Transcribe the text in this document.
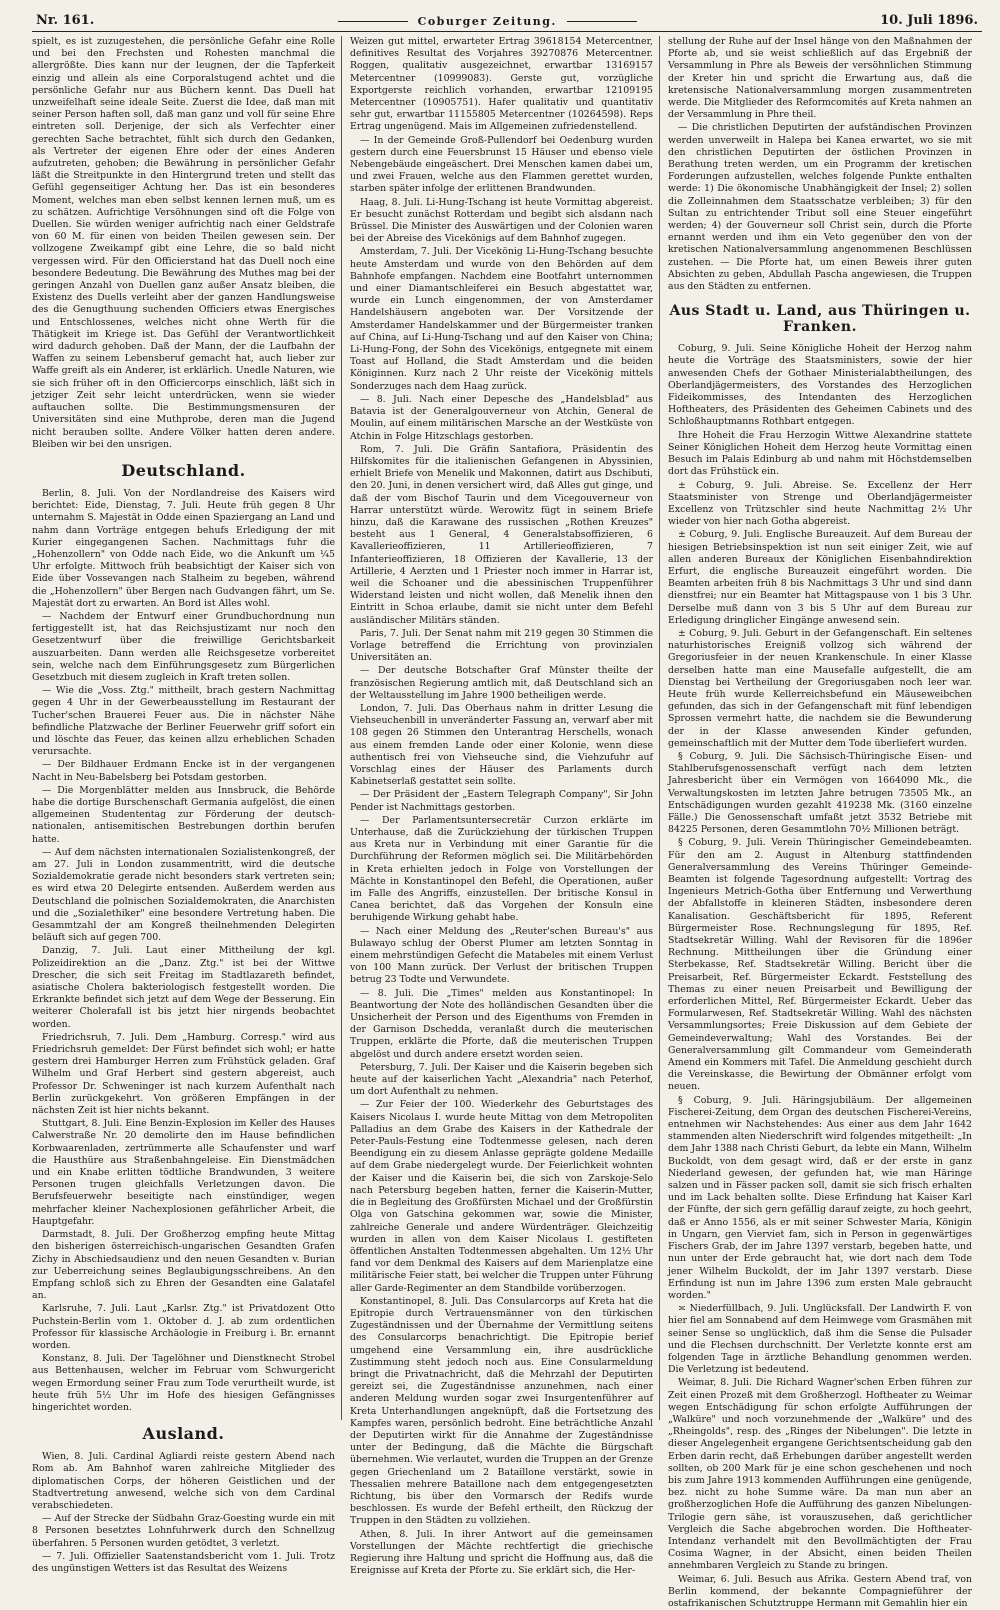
Nr. 161.	Coburger Zeitung.	10. Juli 1896.

spielt, es ist zuzugestehen, die persönliche Gefahr eine Rolle und bei den Frechsten und Rohesten manchmal die allergrößte. Dies kann nur der leugnen, der die Tapferkeit einzig und allein als eine Corporalstugend achtet und die persönliche Gefahr nur aus Büchern kennt. Das Duell hat unzweifelhaft seine ideale Seite. Zuerst die Idee, daß man mit seiner Person haften soll, daß man ganz und voll für seine Ehre eintreten soll. Derjenige, der sich als Verfechter einer gerechten Sache betrachtet, fühlt sich durch den Gedanken, als Vertreter der eigenen Ehre oder der eines Anderen aufzutreten, gehoben; die Bewährung in persönlicher Gefahr läßt die Streitpunkte in den Hintergrund treten und stellt das Gefühl gegenseitiger Achtung her. Das ist ein besonderes Moment, welches man eben selbst kennen lernen muß, um es zu schätzen. Aufrichtige Versöhnungen sind oft die Folge von Duellen. Sie würden weniger aufrichtig nach einer Geldstrafe von 60 M. für einen von beiden Theilen gewesen sein. Der vollzogene Zweikampf gibt eine Lehre, die so bald nicht vergessen wird. Für den Officierstand hat das Duell noch eine besondere Bedeutung. Die Bewährung des Muthes mag bei der geringen Anzahl von Duellen ganz außer Ansatz bleiben, die Existenz des Duells verleiht aber der ganzen Handlungsweise des die Genugthuung suchenden Officiers etwas Energisches und Entschlossenes, welches nicht ohne Werth für die Thätigkeit im Kriege ist. Das Gefühl der Verantwortlichkeit wird dadurch gehoben. Daß der Mann, der die Laufbahn der Waffen zu seinem Lebensberuf gemacht hat, auch lieber zur Waffe greift als ein Anderer, ist erklärlich. Unedle Naturen, wie sie sich früher oft in den Officiercorps einschlich, läßt sich in jetziger Zeit sehr leicht unterdrücken, wenn sie wieder auftauchen sollte. Die Bestimmungsmensuren der Universitäten sind eine Muthprobe, deren man die Jugend nicht berauben sollte. Andere Völker hatten deren andere. Bleiben wir bei den unsrigen.

Deutschland.

Berlin, 8. Juli. Von der Nordlandreise des Kaisers wird berichtet: Eide, Dienstag, 7. Juli. Heute früh gegen 8 Uhr unternahm S. Majestät in Odde einen Spaziergang an Land und nahm dann Vorträge entgegen behufs Erledigung der mit Kurier eingegangenen Sachen. Nachmittags fuhr die „Hohenzollern" von Odde nach Eide, wo die Ankunft um ¼5 Uhr erfolgte. Mittwoch früh beabsichtigt der Kaiser sich von Eide über Vossevangen nach Stalheim zu begeben, während die „Hohenzollern" über Bergen nach Gudvangen fährt, um Se. Majestät dort zu erwarten. An Bord ist Alles wohl.

— Nachdem der Entwurf einer Grundbuchordnung nun fertiggestellt ist, hat das Reichsjustizamt nur noch den Gesetzentwurf über die freiwillige Gerichtsbarkeit auszuarbeiten. Dann werden alle Reichsgesetze vorbereitet sein, welche nach dem Einführungsgesetz zum Bürgerlichen Gesetzbuch mit diesem zugleich in Kraft treten sollen.

— Wie die „Voss. Ztg." mittheilt, brach gestern Nachmittag gegen 4 Uhr in der Gewerbeausstellung im Restaurant der Tucher'schen Brauerei Feuer aus. Die in nächster Nähe befindliche Platzwache der Berliner Feuerwehr griff sofort ein und löschte das Feuer, das keinen allzu erheblichen Schaden verursachte.

— Der Bildhauer Erdmann Encke ist in der vergangenen Nacht in Neu-Babelsberg bei Potsdam gestorben.

— Die Morgenblätter melden aus Innsbruck, die Behörde habe die dortige Burschenschaft Germania aufgelöst, die einen allgemeinen Studententag zur Förderung der deutsch-nationalen, antisemitischen Bestrebungen dorthin berufen hatte.

— Auf dem nächsten internationalen Sozialistenkongreß, der am 27. Juli in London zusammentritt, wird die deutsche Sozialdemokratie gerade nicht besonders stark vertreten sein; es wird etwa 20 Delegirte entsenden. Außerdem werden aus Deutschland die polnischen Sozialdemokraten, die Anarchisten und die „Sozialethiker" eine besondere Vertretung haben. Die Gesammtzahl der am Kongreß theilnehmenden Delegirten beläuft sich auf gegen 700.

Danzig, 7. Juli. Laut einer Mittheilung der kgl. Polizeidirektion an die „Danz. Ztg." ist bei der Wittwe Drescher, die sich seit Freitag im Stadtlazareth befindet, asiatische Cholera bakteriologisch festgestellt worden. Die Erkrankte befindet sich jetzt auf dem Wege der Besserung. Ein weiterer Cholerafall ist bis jetzt hier nirgends beobachtet worden.

Friedrichsruh, 7. Juli. Dem „Hamburg. Corresp." wird aus Friedrichsruh gemeldet: Der Fürst befindet sich wohl; er hatte gestern drei Hamburger Herren zum Frühstück geladen. Graf Wilhelm und Graf Herbert sind gestern abgereist, auch Professor Dr. Schweninger ist nach kurzem Aufenthalt nach Berlin zurückgekehrt. Von größeren Empfängen in der nächsten Zeit ist hier nichts bekannt.

Stuttgart, 8. Juli. Eine Benzin-Explosion im Keller des Hauses Calwerstraße Nr. 20 demolirte den im Hause befindlichen Korbwaarenladen, zertrümmerte alle Schaufenster und warf die Hausthüre aus Straßenbahngeleise. Ein Dienstmädchen und ein Knabe erlitten tödtliche Brandwunden, 3 weitere Personen trugen gleichfalls Verletzungen davon. Die Berufsfeuerwehr beseitigte nach einstündiger, wegen mehrfacher kleiner Nachexplosionen gefährlicher Arbeit, die Hauptgefahr.

Darmstadt, 8. Juli. Der Großherzog empfing heute Mittag den bisherigen österreichisch-ungarischen Gesandten Grafen Zichy in Abschiedsaudienz und den neuen Gesandten v. Burian zur Ueberreichung seines Beglaubigungsschreibens. An den Empfang schloß sich zu Ehren der Gesandten eine Galatafel an.

Karlsruhe, 7. Juli. Laut „Karlsr. Ztg." ist Privatdozent Otto Puchstein-Berlin vom 1. Oktober d. J. ab zum ordentlichen Professor für klassische Archäologie in Freiburg i. Br. ernannt worden.

Konstanz, 8. Juli. Der Tagelöhner und Dienstknecht Strobel aus Bettenhausen, welcher im Februar vom Schwurgericht wegen Ermordung seiner Frau zum Tode verurtheilt wurde, ist heute früh 5½ Uhr im Hofe des hiesigen Gefängnisses hingerichtet worden.

Ausland.

Wien, 8. Juli. Cardinal Agliardi reiste gestern Abend nach Rom ab. Am Bahnhof waren zahlreiche Mitglieder des diplomatischen Corps, der höheren Geistlichen und der Stadtvertretung anwesend, welche sich von dem Cardinal verabschiedeten.

— Auf der Strecke der Südbahn Graz-Goesting wurde ein mit 8 Personen besetztes Lohnfuhrwerk durch den Schnellzug überfahren. 5 Personen wurden getödtet, 3 verletzt.

— 7. Juli. Offizieller Saatenstandsbericht vom 1. Juli. Trotz des ungünstigen Wetters ist das Resultat des Weizens

Weizen gut mittel, erwarteter Ertrag 39618154 Metercentner, definitives Resultat des Vorjahres 39270876 Metercentner. Roggen, qualitativ ausgezeichnet, erwartbar 13169157 Metercentner (10999083). Gerste gut, vorzügliche Exportgerste reichlich vorhanden, erwartbar 12109195 Metercentner (10905751). Hafer qualitativ und quantitativ sehr gut, erwartbar 11155805 Metercentner (10264598). Reps Ertrag ungenügend. Mais im Allgemeinen zufriedenstellend.

— In der Gemeinde Groß-Pullendorf bei Oedenburg wurden gestern durch eine Feuersbrunst 15 Häuser und ebenso viele Nebengebäude eingeäschert. Drei Menschen kamen dabei um, und zwei Frauen, welche aus den Flammen gerettet wurden, starben später infolge der erlittenen Brandwunden.

Haag, 8. Juli. Li-Hung-Tschang ist heute Vormittag abgereist. Er besucht zunächst Rotterdam und begibt sich alsdann nach Brüssel. Die Minister des Auswärtigen und der Colonien waren bei der Abreise des Vicekönigs auf dem Bahnhof zugegen.

Amsterdam, 7. Juli. Der Vicekönig Li-Hung-Tschang besuchte heute Amsterdam und wurde von den Behörden auf dem Bahnhofe empfangen. Nachdem eine Bootfahrt unternommen und einer Diamantschleiferei ein Besuch abgestattet war, wurde ein Lunch eingenommen, der von Amsterdamer Handelshäusern angeboten war. Der Vorsitzende der Amsterdamer Handelskammer und der Bürgermeister tranken auf China, auf Li-Hung-Tschang und auf den Kaiser von China; Li-Hung-Fong, der Sohn des Vicekönigs, entgegnete mit einem Toast auf Holland, die Stadt Amsterdam und die beiden Königinnen. Kurz nach 2 Uhr reiste der Vicekönig mittels Sonderzuges nach dem Haag zurück.

— 8. Juli. Nach einer Depesche des „Handelsblad" aus Batavia ist der Generalgouverneur von Atchin, General de Moulin, auf einem militärischen Marsche an der Westküste von Atchin in Folge Hitzschlags gestorben.

Rom, 7. Juli. Die Gräfin Santafiora, Präsidentin des Hilfskomites für die italienischen Gefangenen in Abyssinien, erhielt Briefe von Menelik und Makonnen, datirt aus Dschibuti, den 20. Juni, in denen versichert wird, daß Alles gut ginge, und daß der vom Bischof Taurin und dem Vicegouverneur von Harrar unterstützt würde. Werowitz fügt in seinem Briefe hinzu, daß die Karawane des russischen „Rothen Kreuzes" besteht aus 1 General, 4 Generalstabsoffizieren, 6 Kavallerieoffizieren, 11 Artillerieoffizieren, 7 Infanterieoffizieren, 18 Offizieren der Kavallerie, 13 der Artillerie, 4 Aerzten und 1 Priester noch immer in Harrar ist, weil die Schoaner und die abessinischen Truppenführer Widerstand leisten und nicht wollen, daß Menelik ihnen den Eintritt in Schoa erlaube, damit sie nicht unter dem Befehl ausländischer Militärs ständen.

Paris, 7. Juli. Der Senat nahm mit 219 gegen 30 Stimmen die Vorlage betreffend die Errichtung von provinzialen Universitäten an.

— Der deutsche Botschafter Graf Münster theilte der französischen Regierung amtlich mit, daß Deutschland sich an der Weltausstellung im Jahre 1900 betheiligen werde.

London, 7. Juli. Das Oberhaus nahm in dritter Lesung die Viehseuchenbill in unveränderter Fassung an, verwarf aber mit 108 gegen 26 Stimmen den Unterantrag Herschells, wonach aus einem fremden Lande oder einer Kolonie, wenn diese authentisch frei von Viehseuche sind, die Viehzufuhr auf Vorschlag eines der Häuser des Parlaments durch Kabinetserlaß gestattet sein sollte.

— Der Präsident der „Eastern Telegraph Company", Sir John Pender ist Nachmittags gestorben.

— Der Parlamentsuntersecretär Curzon erklärte im Unterhause, daß die Zurückziehung der türkischen Truppen aus Kreta nur in Verbindung mit einer Garantie für die Durchführung der Reformen möglich sei. Die Militärbehörden in Kreta erhielten jedoch in Folge von Vorstellungen der Mächte in Konstantinopel den Befehl, die Operationen, außer im Falle des Angriffs, einzustellen. Der britische Konsul in Canea berichtet, daß das Vorgehen der Konsuln eine beruhigende Wirkung gehabt habe.

— Nach einer Meldung des „Reuter'schen Bureau's" aus Bulawayo schlug der Oberst Plumer am letzten Sonntag in einem mehrstündigen Gefecht die Matabeles mit einem Verlust von 100 Mann zurück. Der Verlust der britischen Truppen betrug 23 Todte und Verwundete.

— 8. Juli. Die „Times" melden aus Konstantinopel: In Beantwortung der Note des holländischen Gesandten über die Unsicherheit der Person und des Eigenthums von Fremden in der Garnison Dschedda, veranlaßt durch die meuterischen Truppen, erklärte die Pforte, daß die meuterischen Truppen abgelöst und durch andere ersetzt worden seien.

Petersburg, 7. Juli. Der Kaiser und die Kaiserin begeben sich heute auf der kaiserlichen Yacht „Alexandria" nach Peterhof, um dort Aufenthalt zu nehmen.

— Zur Feier der 100. Wiederkehr des Geburtstages des Kaisers Nicolaus I. wurde heute Mittag von dem Metropoliten Palladius an dem Grabe des Kaisers in der Kathedrale der Peter-Pauls-Festung eine Todtenmesse gelesen, nach deren Beendigung ein zu diesem Anlasse geprägte goldene Medaille auf dem Grabe niedergelegt wurde. Der Feierlichkeit wohnten der Kaiser und die Kaiserin bei, die sich von Zarskoje-Selo nach Petersburg begeben hatten, ferner die Kaiserin-Mutter, die in Begleitung des Großfürsten Michael und der Großfürstin Olga von Gatschina gekommen war, sowie die Minister, zahlreiche Generale und andere Würdenträger. Gleichzeitig wurden in allen von dem Kaiser Nicolaus I. gestifteten öffentlichen Anstalten Todtenmessen abgehalten. Um 12½ Uhr fand vor dem Denkmal des Kaisers auf dem Marienplatze eine militärische Feier statt, bei welcher die Truppen unter Führung aller Garde-Regimenter an dem Standbilde vorüberzogen.

Konstantinopel, 8. Juli. Das Consularcorps auf Kreta hat die Epitropie durch Vertrauensmänner von den türkischen Zugeständnissen und der Übernahme der Vermittlung seitens des Consularcorps benachrichtigt. Die Epitropie berief umgehend eine Versammlung ein, ihre ausdrückliche Zustimmung steht jedoch noch aus. Eine Consularmeldung bringt die Privatnachricht, daß die Mehrzahl der Deputirten gereizt sei, die Zugeständnisse anzunehmen, nach einer anderen Meldung wurden sogar zwei Insurgentenführer auf Kreta Unterhandlungen angeknüpft, daß die Fortsetzung des Kampfes waren, persönlich bedroht. Eine beträchtliche Anzahl der Deputirten wirkt für die Annahme der Zugeständnisse unter der Bedingung, daß die Mächte die Bürgschaft übernehmen. Wie verlautet, wurden die Truppen an der Grenze gegen Griechenland um 2 Bataillone verstärkt, sowie in Thessalien mehrere Bataillone nach dem entgegengesetzten Richtung, bis über den Vormarsch der Redifs wurde beschlossen. Es wurde der Befehl ertheilt, den Rückzug der Truppen in den Städten zu vollziehen.

Athen, 8. Juli. In ihrer Antwort auf die gemeinsamen Vorstellungen der Mächte rechtfertigt die griechische Regierung ihre Haltung und spricht die Hoffnung aus, daß die Ereignisse auf Kreta der Pforte zu. Sie erklärt sich, die Her-

stellung der Ruhe auf der Insel hänge von den Maßnahmen der Pforte ab, und sie weist schließlich auf das Ergebniß der Versammlung in Phre als Beweis der versöhnlichen Stimmung der Kreter hin und spricht die Erwartung aus, daß die kretensische Nationalversammlung morgen zusammentreten werde. Die Mitglieder des Reformcomités auf Kreta nahmen an der Versammlung in Phre theil.

— Die christlichen Deputirten der aufständischen Provinzen werden unverweilt in Halepa bei Kanea erwartet, wo sie mit den christlichen Deputirten der östlichen Provinzen in Berathung treten werden, um ein Programm der kretischen Forderungen aufzustellen, welches folgende Punkte enthalten werde: 1) Die ökonomische Unabhängigkeit der Insel; 2) sollen die Zolleinnahmen dem Staatsschatze verbleiben; 3) für den Sultan zu entrichtender Tribut soll eine Steuer eingeführt werden; 4) der Gouverneur soll Christ sein, durch die Pforte ernannt werden und ihm ein Veto gegenüber den von der kretischen Nationalversammlung angenommenen Beschlüssen zustehen. — Die Pforte hat, um einen Beweis ihrer guten Absichten zu geben, Abdullah Pascha angewiesen, die Truppen aus den Städten zu entfernen.

Aus Stadt u. Land, aus Thüringen u. Franken.

Coburg, 9. Juli. Seine Königliche Hoheit der Herzog nahm heute die Vorträge des Staatsministers, sowie der hier anwesenden Chefs der Gothaer Ministerialabtheilungen, des Oberlandjägermeisters, des Vorstandes des Herzoglichen Fideikommisses, des Intendanten des Herzoglichen Hoftheaters, des Präsidenten des Geheimen Cabinets und des Schloßhauptmanns Rothbart entgegen.

Ihre Hoheit die Frau Herzogin Wittwe Alexandrine stattete Seiner Königlichen Hoheit dem Herzog heute Vormittag einen Besuch im Palais Edinburg ab und nahm mit Höchstdemselben dort das Frühstück ein.

± Coburg, 9. Juli. Abreise. Se. Excellenz der Herr Staatsminister von Strenge und Oberlandjägermeister Excellenz von Trützschler sind heute Nachmittag 2½ Uhr wieder von hier nach Gotha abgereist.

± Coburg, 9. Juli. Englische Bureauzeit. Auf dem Bureau der hiesigen Betriebsinspektion ist nun seit einiger Zeit, wie auf allen anderen Bureaux der Königlichen Eisenbahndirektion Erfurt, die englische Bureauzeit eingeführt worden. Die Beamten arbeiten früh 8 bis Nachmittags 3 Uhr und sind dann dienstfrei; nur ein Beamter hat Mittagspause von 1 bis 3 Uhr. Derselbe muß dann von 3 bis 5 Uhr auf dem Bureau zur Erledigung dringlicher Eingänge anwesend sein.

± Coburg, 9. Juli. Geburt in der Gefangenschaft. Ein seltenes naturhistorisches Ereigniß vollzog sich während der Gregoriusfeier in der neuen Krankenschule. In einer Klasse derselben hatte man eine Mausefalle aufgestellt, die am Dienstag bei Vertheilung der Gregoriusgaben noch leer war. Heute früh wurde Kellerreichsbefund ein Mäuseweibchen gefunden, das sich in der Gefangenschaft mit fünf lebendigen Sprossen vermehrt hatte, die nachdem sie die Bewunderung der in der Klasse anwesenden Kinder gefunden, gemeinschaftlich mit der Mutter dem Tode überliefert wurden.

§ Coburg, 9. Juli. Die Sächsisch-Thüringische Eisen- und Stahlberufsgenossenschaft verfügt nach dem letzten Jahresbericht über ein Vermögen von 1664090 Mk., die Verwaltungskosten im letzten Jahre betrugen 73505 Mk., an Entschädigungen wurden gezahlt 419238 Mk. (3160 einzelne Fälle.) Die Genossenschaft umfaßt jetzt 3532 Betriebe mit 84225 Personen, deren Gesammtlohn 70½ Millionen beträgt.

§ Coburg, 9. Juli. Verein Thüringischer Gemeindebeamten. Für den am 2. August in Altenburg stattfindenden Generalversammlung des Vereins Thüringer Gemeinde-Beamten ist folgende Tagesordnung aufgestellt: Vortrag des Ingenieurs Metrich-Gotha über Entfernung und Verwerthung der Abfallstoffe in kleineren Städten, insbesondere deren Kanalisation. Geschäftsbericht für 1895, Referent Bürgermeister Rose. Rechnungslegung für 1895, Ref. Stadtsekretär Willing. Wahl der Revisoren für die 1896er Rechnung. Mittheilungen über die Gründung einer Sterbekasse, Ref. Stadtsekretär Willing. Bericht über die Preisarbeit, Ref. Bürgermeister Eckardt. Feststellung des Themas zu einer neuen Preisarbeit und Bewilligung der erforderlichen Mittel, Ref. Bürgermeister Eckardt. Ueber das Formularwesen, Ref. Stadtsekretär Willing. Wahl des nächsten Versammlungsortes; Freie Diskussion auf dem Gebiete der Gemeindeverwaltung; Wahl des Vorstandes. Bei der Generalversammlung gilt Commandeur vom Gemeinderath Amend ein Kommers mit Tafel. Die Anmeldung geschieht durch die Vereinskasse, die Bewirtung der Obmänner erfolgt vom neuen.

§ Coburg, 9. Juli. Häringsjubiläum. Der allgemeinen Fischerei-Zeitung, dem Organ des deutschen Fischerei-Vereins, entnehmen wir Nachstehendes: Aus einer aus dem Jahr 1642 stammenden alten Niederschrift wird folgendes mitgetheilt: „In dem Jahr 1388 nach Christi Geburt, da lebte ein Mann, Wilhelm Buckoldt, von dem gesagt wird, daß er der erste in ganz Niederland gewesen, der gefunden hat, wie man Häringe salzen und in Fässer packen soll, damit sie sich frisch erhalten und im Lack behalten sollte. Diese Erfindung hat Kaiser Karl der Fünfte, der sich gern gefällig darauf zeigte, zu hoch geehrt, daß er Anno 1556, als er mit seiner Schwester Maria, Königin in Ungarn, gen Vierviet fam, sich in Person in gegenwärtiges Fischers Grab, der im Jahre 1397 verstarb, begeben hatte, und nun unter der Erde gebraucht hat, wie dort nach dem Tode jener Wilhelm Buckoldt, der im Jahr 1397 verstarb. Diese Erfindung ist nun im Jahre 1396 zum ersten Male gebraucht worden."

≍ Niederfüllbach, 9. Juli. Unglücksfall. Der Landwirth F. von hier fiel am Sonnabend auf dem Heimwege vom Grasmähen mit seiner Sense so unglücklich, daß ihm die Sense die Pulsader und die Flechsen durchschnitt. Der Verletzte konnte erst am folgenden Tage in ärztliche Behandlung genommen werden. Die Verletzung ist bedeutend.

Weimar, 8. Juli. Die Richard Wagner'schen Erben führen zur Zeit einen Prozeß mit dem Großherzogl. Hoftheater zu Weimar wegen Entschädigung für schon erfolgte Aufführungen der „Walküre" und noch vorzunehmende der „Walküre" und des „Rheingolds", resp. des „Ringes der Nibelungen". Die letzte in dieser Angelegenheit ergangene Gerichtsentscheidung gab den Erben darin recht, daß Erhebungen darüber angestellt werden sollten, ob 200 Mark für je eine schon geschehenen und noch bis zum Jahre 1913 kommenden Aufführungen eine genügende, bez. nicht zu hohe Summe wäre. Da man nun aber an großherzoglichen Hofe die Aufführung des ganzen Nibelungen-Trilogie gern sähe, ist vorauszusehen, daß gerichtlicher Vergleich die Sache abgebrochen worden. Die Hoftheater-Intendanz verhandelt mit den Bevollmächtigten der Frau Cosima Wagner, in der Absicht, einen beiden Theilen annehmbaren Vergleich zu Stande zu bringen.

Weimar, 6. Juli. Besuch aus Afrika. Gestern Abend traf, von Berlin kommend, der bekannte Compagnieführer der ostafrikanischen Schutztruppe Hermann mit Gemahlin hier ein
